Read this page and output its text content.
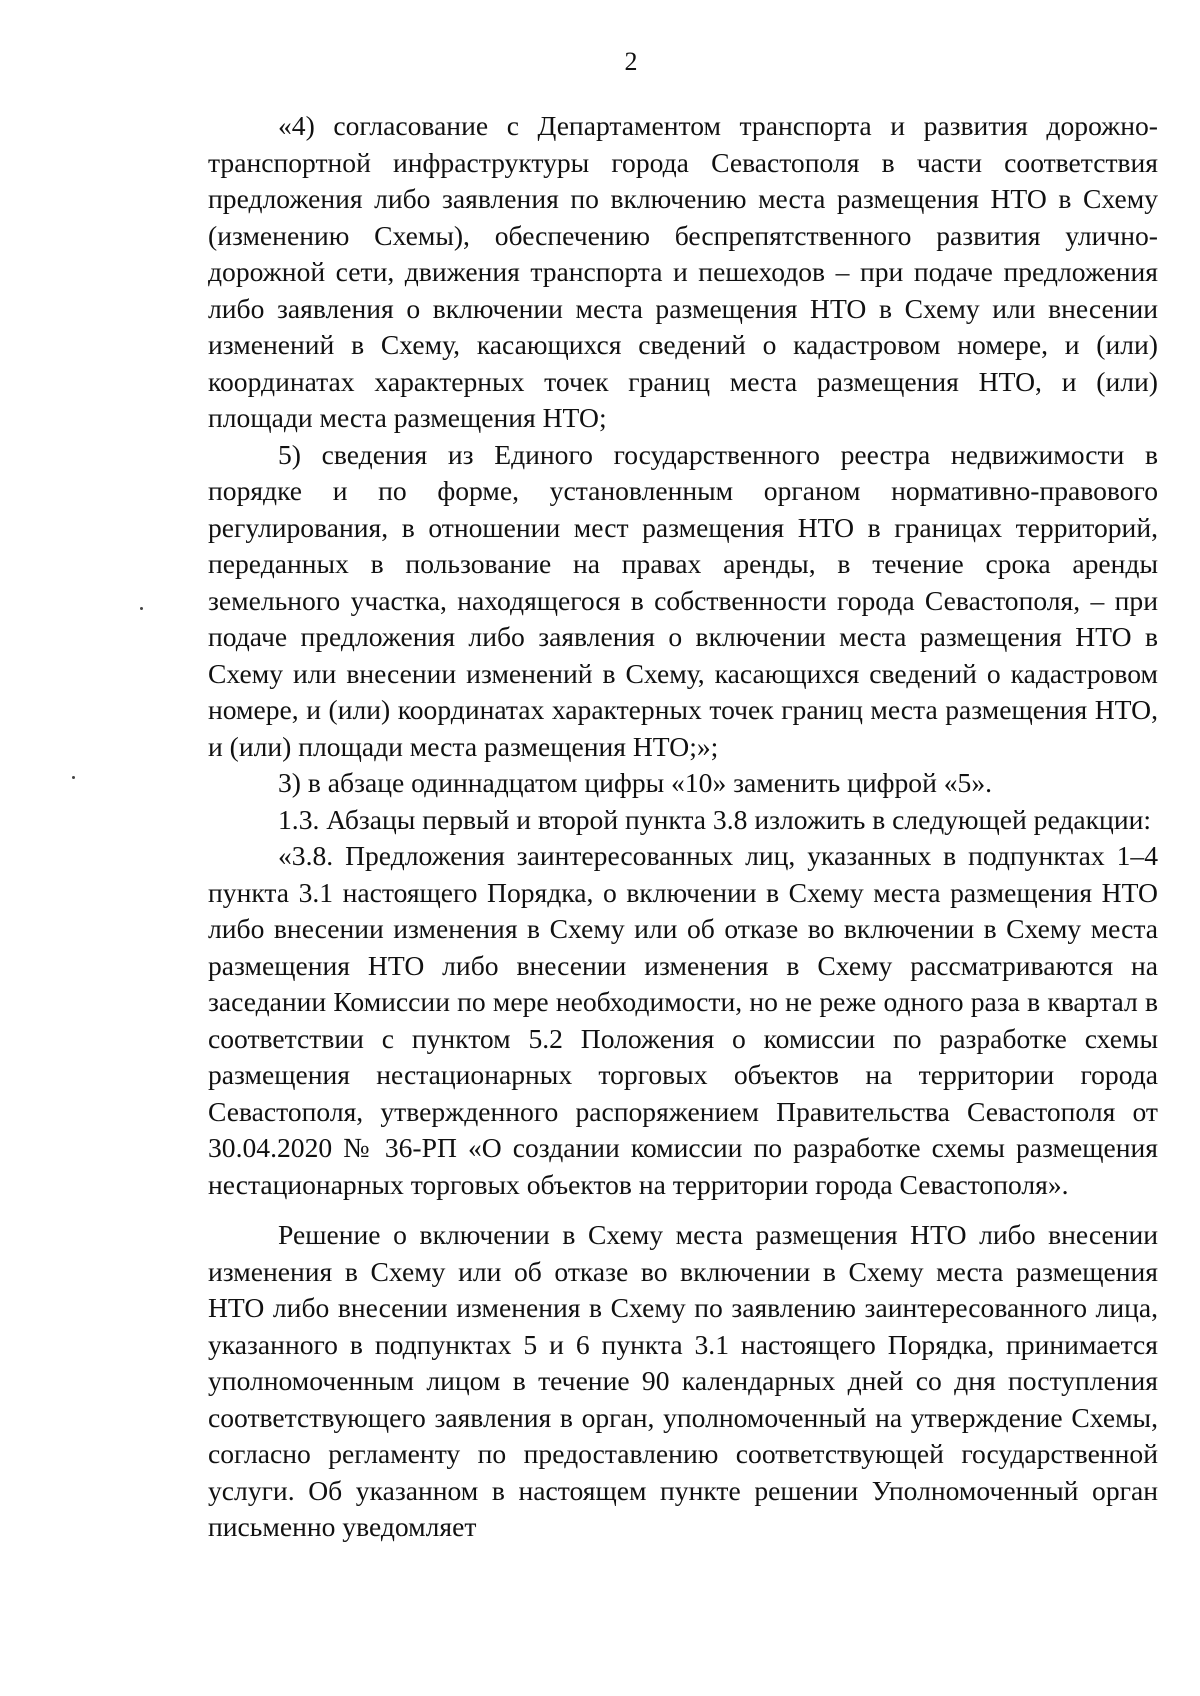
2

«4) согласование с Департаментом транспорта и развития дорожно-транспортной инфраструктуры города Севастополя в части соответствия предложения либо заявления по включению места размещения НТО в Схему (изменению Схемы), обеспечению беспрепятственного развития улично-дорожной сети, движения транспорта и пешеходов – при подаче предложения либо заявления о включении места размещения НТО в Схему или внесении изменений в Схему, касающихся сведений о кадастровом номере, и (или) координатах характерных точек границ места размещения НТО, и (или) площади места размещения НТО;

5) сведения из Единого государственного реестра недвижимости в порядке и по форме, установленным органом нормативно-правового регулирования, в отношении мест размещения НТО в границах территорий, переданных в пользование на правах аренды, в течение срока аренды земельного участка, находящегося в собственности города Севастополя, – при подаче предложения либо заявления о включении места размещения НТО в Схему или внесении изменений в Схему, касающихся сведений о кадастровом номере, и (или) координатах характерных точек границ места размещения НТО, и (или) площади места размещения НТО;»;

3) в абзаце одиннадцатом цифры «10» заменить цифрой «5».

1.3. Абзацы первый и второй пункта 3.8 изложить в следующей редакции:

«3.8. Предложения заинтересованных лиц, указанных в подпунктах 1–4 пункта 3.1 настоящего Порядка, о включении в Схему места размещения НТО либо внесении изменения в Схему или об отказе во включении в Схему места размещения НТО либо внесении изменения в Схему рассматриваются на заседании Комиссии по мере необходимости, но не реже одного раза в квартал в соответствии с пунктом 5.2 Положения о комиссии по разработке схемы размещения нестационарных торговых объектов на территории города Севастополя, утвержденного распоряжением Правительства Севастополя от 30.04.2020 № 36-РП «О создании комиссии по разработке схемы размещения нестационарных торговых объектов на территории города Севастополя».

Решение о включении в Схему места размещения НТО либо внесении изменения в Схему или об отказе во включении в Схему места размещения НТО либо внесении изменения в Схему по заявлению заинтересованного лица, указанного в подпунктах 5 и 6 пункта 3.1 настоящего Порядка, принимается уполномоченным лицом в течение 90 календарных дней со дня поступления соответствующего заявления в орган, уполномоченный на утверждение Схемы, согласно регламенту по предоставлению соответствующей государственной услуги. Об указанном в настоящем пункте решении Уполномоченный орган письменно уведомляет
